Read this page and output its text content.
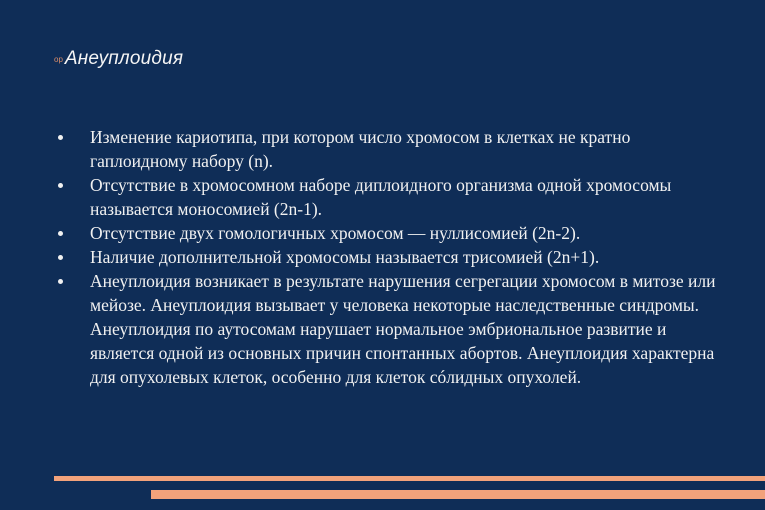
ор Анеуплоидия
Изменение кариотипа, при котором число хромосом в клетках не кратно гаплоидному набору (n).
Отсутствие в хромосомном наборе диплоидного организма одной хромосомы называется моносомией (2n-1).
Отсутствие двух гомологичных хромосом — нуллисомией (2n-2).
Наличие дополнительной хромосомы называется трисомией (2n+1).
Анеуплоидия возникает в результате нарушения сегрегации хромосом в митозе или мейозе. Анеуплоидия вызывает у человека некоторые наследственные синдромы. Анеуплоидия по аутосомам нарушает нормальное эмбриональное развитие и является одной из основных причин спонтанных абортов. Анеуплоидия характерна для опухолевых клеток, особенно для клеток сóлидных опухолей.
